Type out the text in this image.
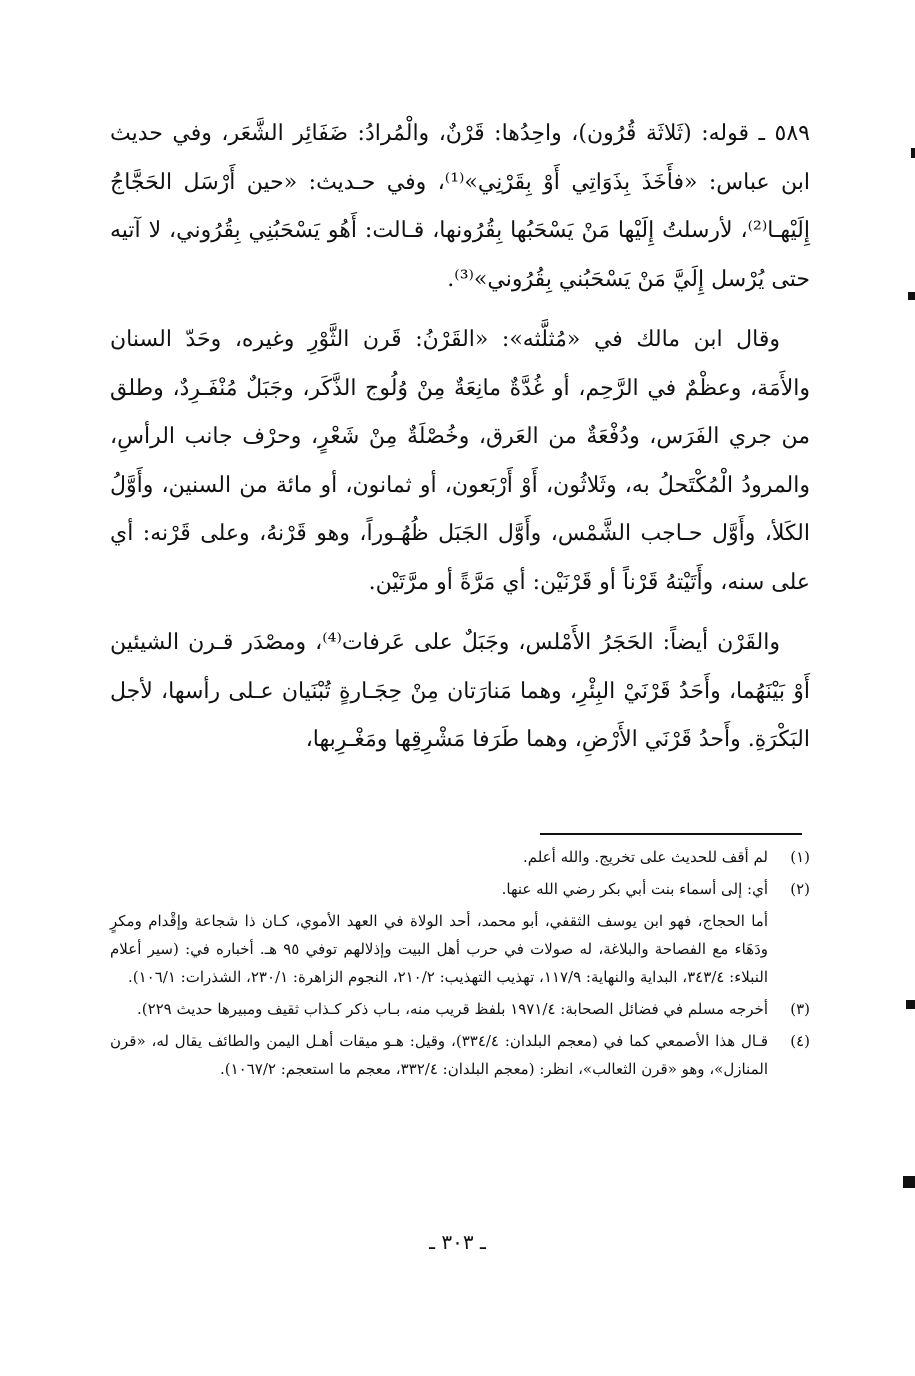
٥٨٩ ـ قوله: (ثَلاثَة قُرُون)، واحِدُها: قَرْنٌ، والْمُرادُ: ضَفَائِر الشَّعَر، وفي حديث ابن عباس: «فأَخَذَ بِذَوَاتِي أَوْ بِقَرْنِي»⁽¹⁾، وفي حـديث: «حين أَرْسَل الحَجَّاجُ إِلَيْهـا⁽²⁾، لأرسلتُ إِلَيْها مَنْ يَسْحَبُها بِقُرُونها، قـالت: أَهُو يَسْحَبُنِي بِقُرُوني، لا آتيه حتى يُرْسل إِلَيَّ مَنْ يَسْحَبُني بِقُرُوني»⁽³⁾.

وقال ابن مالك في «مُثلَّثه»: «القَرْنُ: قَرن الثَّوْرِ وغيره، وحَدّ السنان والأَمَة، وعظْمٌ في الرَّحِم، أو غُدَّةٌ مانِعَةٌ مِنْ وُلُوج الذَّكَر، وجَبَلٌ مُنْفَـرِدٌ، وطلق من جري الفَرَس، ودُفْعَةٌ من العَرق، وخُصْلَةٌ مِنْ شَعْرٍ، وحرْف جانب الرأسِ، والمرودُ الْمُكْتَحلُ به، وثَلاثُون، أَوْ أَرْبَعون، أو ثمانون، أو مائة من السنين، وأَوَّلُ الكَلأ، وأَوَّل حـاجب الشَّمْس، وأَوَّل الجَبَل ظُهُـوراً، وهو قَرْنهُ، وعلى قَرْنه: أي على سنه، وأَتَيْتهُ قَرْناً أو قَرْنَيْن: أي مَرَّةً أو مرَّتَيْن.

والقَرْن أيضاً: الحَجَرُ الأَمْلس، وجَبَلٌ على عَرفات⁽⁴⁾، ومصْدَر قـرن الشيئين أَوْ بَيْنَهُما، وأَحَدُ قَرْنَيْ البِئْرِ، وهما مَنارَتان مِنْ حِجَـارةٍ تُبْنَيان عـلى رأسها، لأجل البَكْرَةِ. وأَحدُ قَرْنَي الأَرْضِ، وهما طَرَفا مَشْرِقِها ومَغْـرِبها،

(١)
لم أقف للحديث على تخريج. والله أعلم.
(٢)
أي: إلى أسماء بنت أبي بكر رضي الله عنها.
أما الحجاج، فهو ابن يوسف الثقفي، أبو محمد، أحد الولاة في العهد الأموي، كـان ذا شجاعة وإقْدام ومكرٍ ودَهَاء مع الفصاحة والبلاغة، له صولات في حرب أهل البيت وإذلالهم توفي ٩٥ هـ. أخباره في: (سير أعلام النبلاء: ٣٤٣/٤، البداية والنهاية: ١١٧/٩، تهذيب التهذيب: ٢١٠/٢، النجوم الزاهرة: ٢٣٠/١، الشذرات: ١٠٦/١).
(٣)
أخرجه مسلم في فضائل الصحابة: ١٩٧١/٤ بلفظ قريب منه، بـاب ذكر كـذاب ثقيف ومبيرها حديث ٢٢٩).
(٤)
قـال هذا الأصمعي كما في (معجم البلدان: ٣٣٤/٤)، وقيل: هـو ميقات أهـل اليمن والطائف يقال له، «قرن المنازل»، وهو «قرن الثعالب»، انظر: (معجم البلدان: ٣٣٢/٤، معجم ما استعجم: ١٠٦٧/٢).
ـ ٣٠٣ ـ
